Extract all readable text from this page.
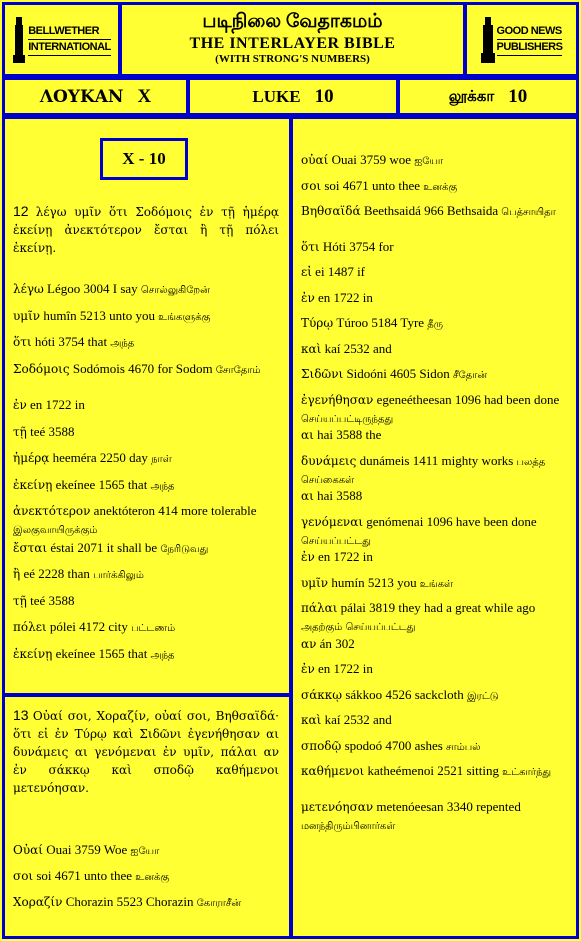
BELLWETHER
INTERNATIONAL
படிநிலை வேதாகமம்
THE INTERLAYER BIBLE
(WITH STRONG'S NUMBERS)
GOOD NEWS
PUBLISHERS
ΛΟΥΚΑΝ X	LUKE 10	லூக்கா 10
X - 10
12 λέγω υμῖν ὅτι Σοδόμοις ἐν τῇ ἡμέρᾳ ἐκείνῃ ἀνεκτότερον ἔσται ἢ τῇ πόλει ἐκείνῃ.
13 Οὐαί σοι, Χοραζίν, οὐαί σοι, Βηθσαϊδά· ὅτι εἰ ἐν Τύρῳ καὶ Σιδῶνι ἐγενήθησαν αι δυνάμεις αι γενόμεναι ἐν υμῖν, πάλαι αν ἐν σάκκῳ καὶ σποδῷ καθήμενοι μετενόησαν.
λέγω Légoo 3004 I say சொல்லுகிறேன்
υμῖν humîn 5213 unto you உங்களுக்கு
ὅτι hóti 3754 that அந்த
Σοδόμοις Sodómois 4670 for Sodom சோதோம்
ἐν en 1722 in
τῇ teé 3588
ἡμέρᾳ heeméra 2250 day நாள்
ἐκείνῃ ekeínee 1565 that அந்த
ἀνεκτότερον anektóteron 414 more tolerable இலகுவாயிருக்கும்
ἔσται éstai 2071 it shall be நேரிடுவது
ἢ eé 2228 than பார்க்கிலும்
τῇ teé 3588
πόλει pólei 4172 city பட்டணம்
ἐκείνῃ ekeínee 1565 that அந்த
Οὐαί Ouai 3759 Woe ஐயோ
σοι soi 4671 unto thee உனக்கு
Χοραζίν Chorazin 5523 Chorazin கோராசீன்
οὐαί Ouai 3759 woe ஐயோ
σοι soi 4671 unto thee உனக்கு
Βηθσαϊδά Beethsaidá 966 Bethsaida பெத்சாயிதா
ὅτι Hóti 3754 for
εἰ ei 1487 if
ἐν en 1722 in
Τύρῳ Túroo 5184 Tyre தீரு
καὶ kaí 2532 and
Σιδῶνι Sidoóni 4605 Sidon சீதோன்
ἐγενήθησαν egeneétheesan 1096 had been done செய்யப்பட்டிருந்தது
αι hai 3588 the
δυνάμεις dunámeis 1411 mighty works பலத்த செய்கைகள்
αι hai 3588
γενόμεναι genómenai 1096 have been done செய்யப்பட்டது
ἐν en 1722 in
υμῖν humín 5213 you உங்கள்
πάλαι pálai 3819 they had a great while ago அதற்கும் செய்யப்பட்டது
αν án 302
ἐν en 1722 in
σάκκῳ sákkoo 4526 sackcloth இரட்டு
καὶ kaí 2532 and
σποδῷ spodoó 4700 ashes சாம்பல்
καθήμενοι katheémenoi 2521 sitting உட்கார்ந்து
μετενόησαν metenóeesan 3340 repented மனந்திரும்பினார்கள்
